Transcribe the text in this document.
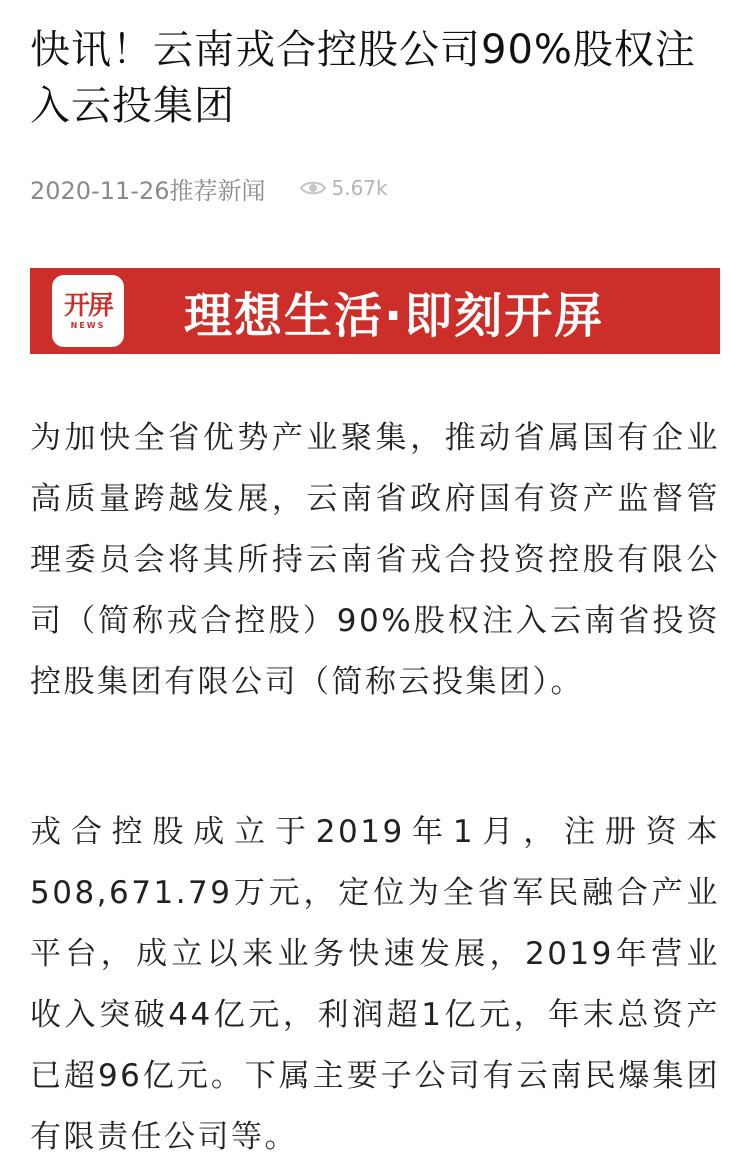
快讯！云南戎合控股公司90%股权注入云投集团
2020-11-26推荐新闻	5.67k
开屏
NEWS 理想生活·即刻开屏

为加快全省优势产业聚集，推动省属国有企业高质量跨越发展，云南省政府国有资产监督管理委员会将其所持云南省戎合投资控股有限公司（简称戎合控股）90%股权注入云南省投资控股集团有限公司（简称云投集团）。

戎合控股成立于2019年1月，注册资本508,671.79万元，定位为全省军民融合产业平台，成立以来业务快速发展，2019年营业收入突破44亿元，利润超1亿元，年末总资产已超96亿元。下属主要子公司有云南民爆集团有限责任公司等。
